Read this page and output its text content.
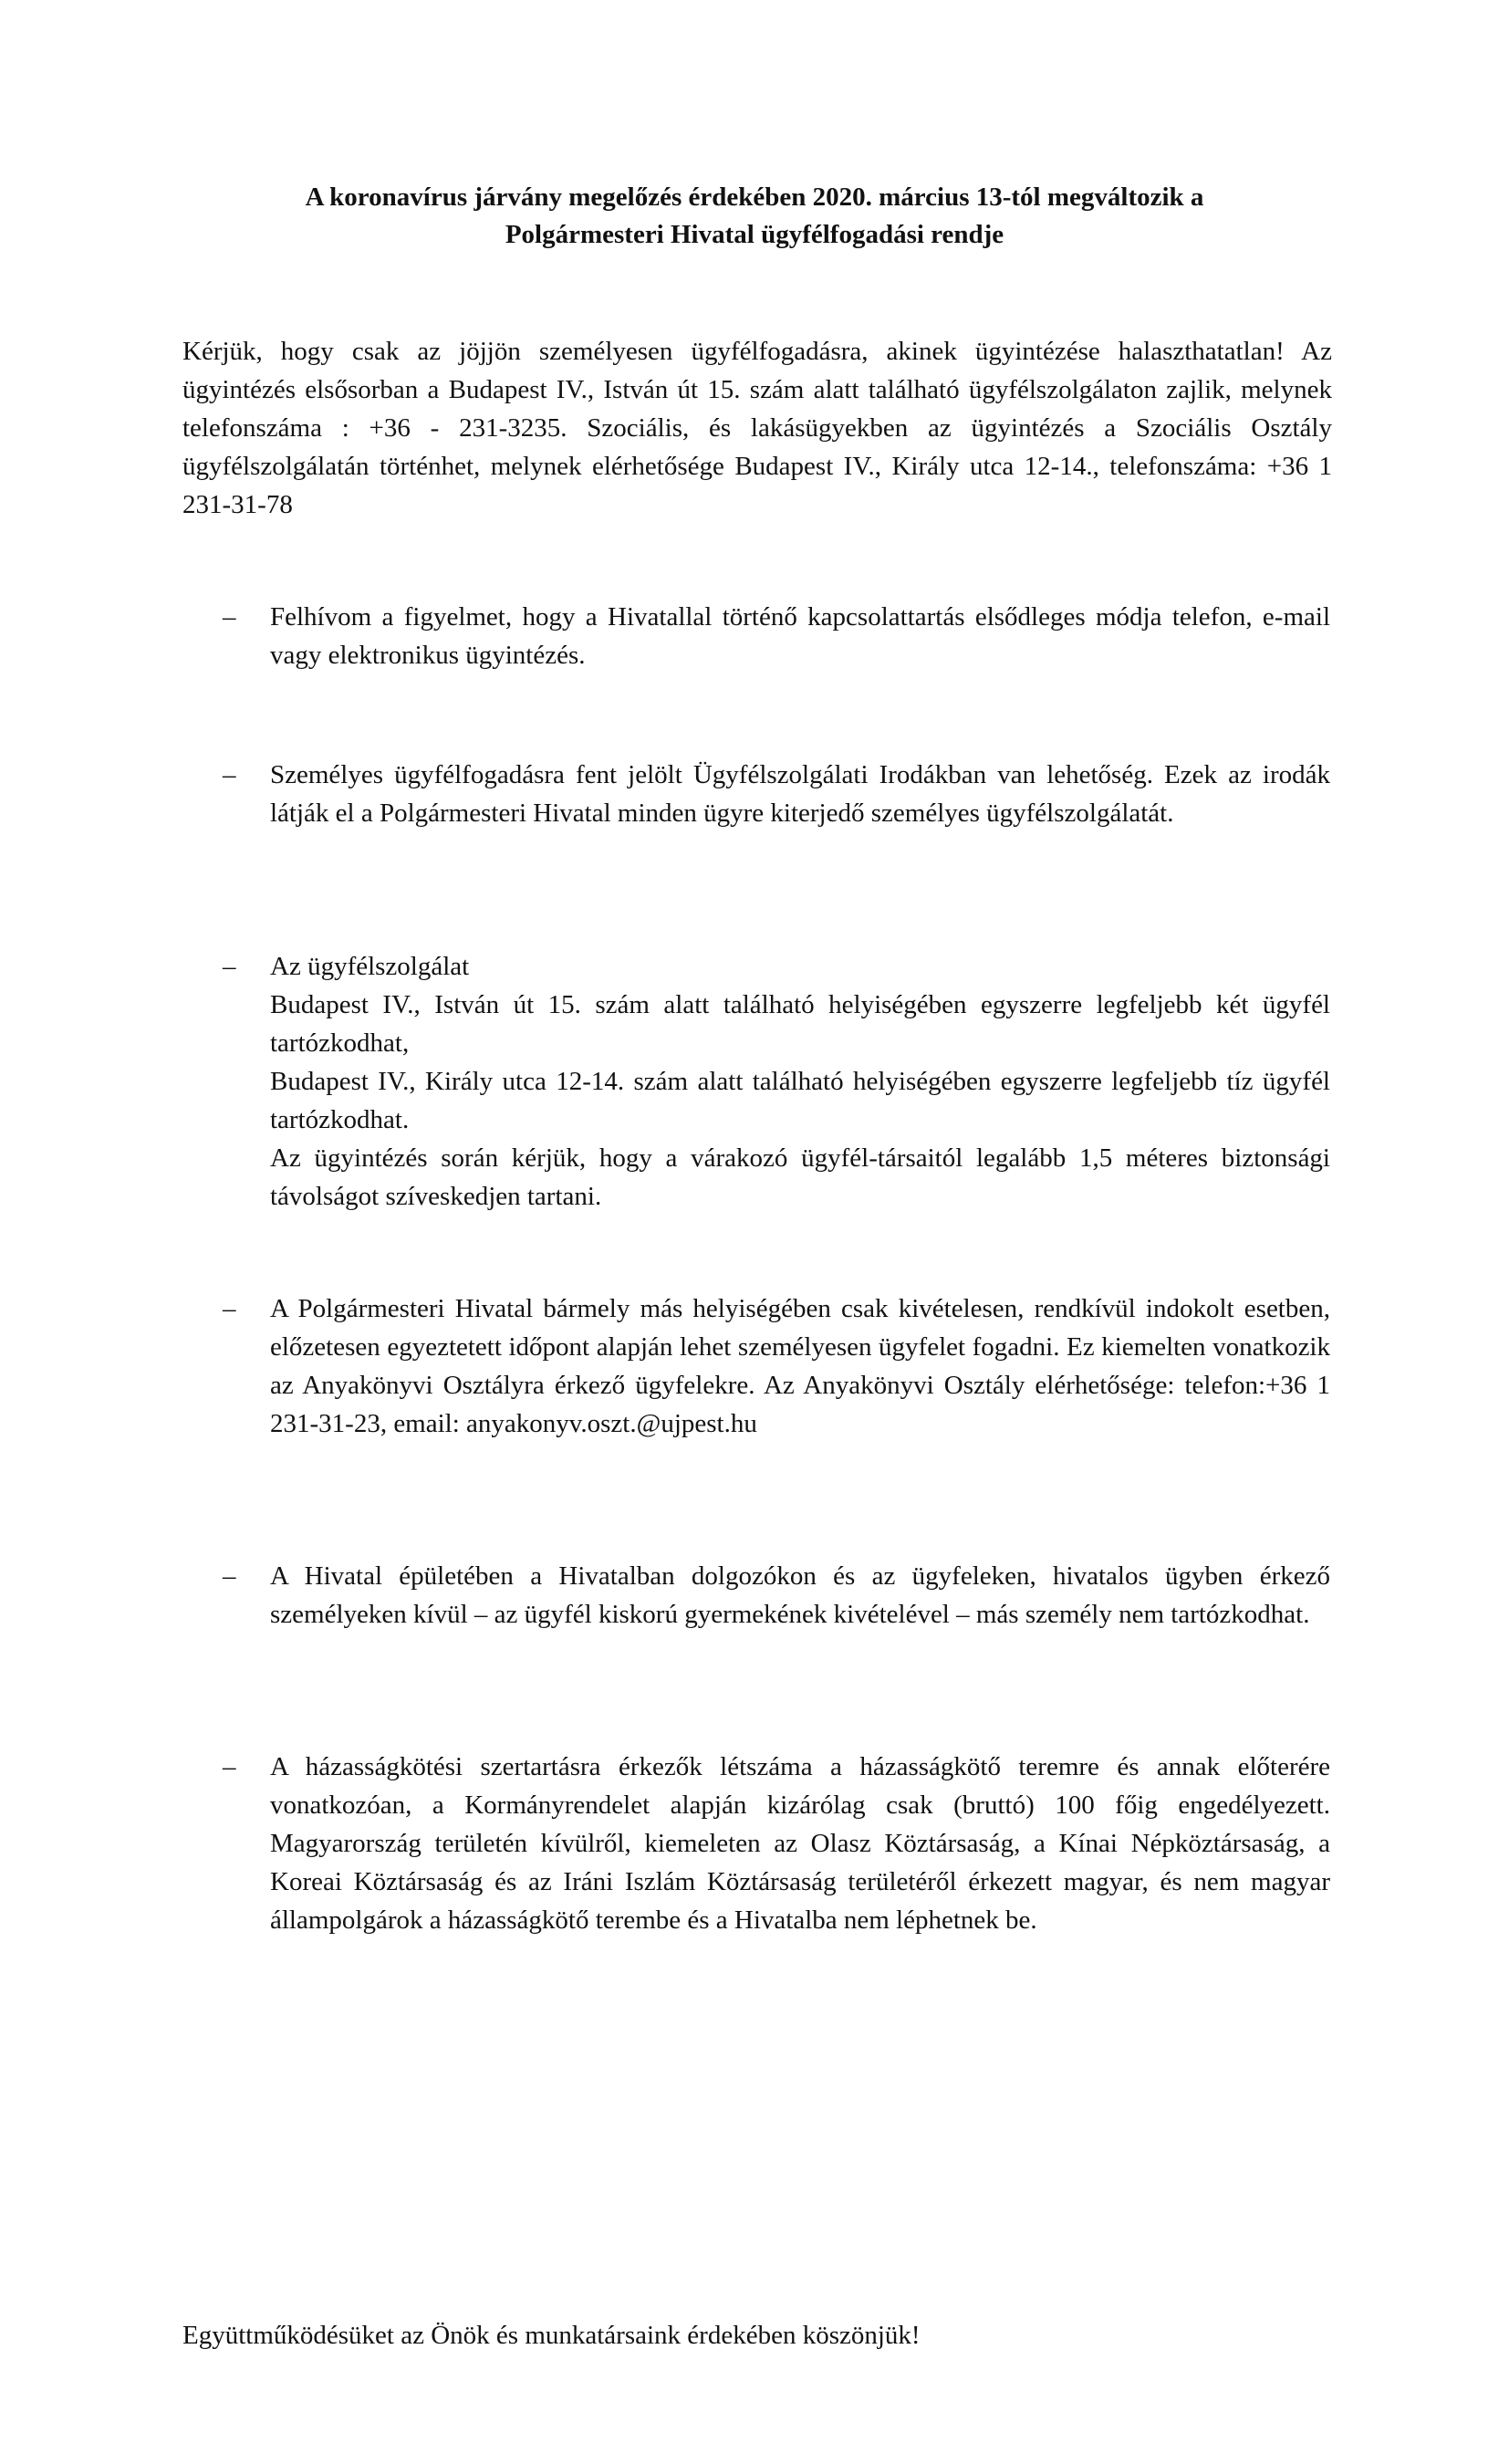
A koronavírus járvány megelőzés érdekében 2020. március 13-tól megváltozik a
Polgármesteri Hivatal ügyfélfogadási rendje
Kérjük, hogy csak az jöjjön személyesen ügyfélfogadásra, akinek ügyintézése halaszthatatlan! Az ügyintézés elsősorban a Budapest IV., István út 15. szám alatt található ügyfélszolgálaton zajlik, melynek telefonszáma : +36 - 231-3235. Szociális, és lakásügyekben az ügyintézés a Szociális Osztály ügyfélszolgálatán történhet, melynek elérhetősége Budapest IV., Király utca 12-14., telefonszáma: +36 1 231-31-78
–	Felhívom a figyelmet, hogy a Hivatallal történő kapcsolattartás elsődleges módja telefon, e-mail vagy elektronikus ügyintézés.
–	Személyes ügyfélfogadásra fent jelölt Ügyfélszolgálati Irodákban van lehetőség. Ezek az irodák látják el a Polgármesteri Hivatal minden ügyre kiterjedő személyes ügyfélszolgálatát.
–	Az ügyfélszolgálat

Budapest IV., István út 15. szám alatt található helyiségében egyszerre legfeljebb két ügyfél tartózkodhat,

Budapest IV., Király utca 12-14. szám alatt található helyiségében egyszerre legfeljebb tíz ügyfél tartózkodhat.

Az ügyintézés során kérjük, hogy a várakozó ügyfél-társaitól legalább 1,5 méteres biztonsági távolságot szíveskedjen tartani.

–	A Polgármesteri Hivatal bármely más helyiségében csak kivételesen, rendkívül indokolt esetben, előzetesen egyeztetett időpont alapján lehet személyesen ügyfelet fogadni. Ez kiemelten vonatkozik az Anyakönyvi Osztályra érkező ügyfelekre. Az Anyakönyvi Osztály elérhetősége: telefon:+36 1 231-31-23, email: anyakonyv.oszt.@ujpest.hu
–	A Hivatal épületében a Hivatalban dolgozókon és az ügyfeleken, hivatalos ügyben érkező személyeken kívül – az ügyfél kiskorú gyermekének kivételével – más személy nem tartózkodhat.
–	A házasságkötési szertartásra érkezők létszáma a házasságkötő teremre és annak előterére vonatkozóan, a Kormányrendelet alapján kizárólag csak (bruttó) 100 főig engedélyezett. Magyarország területén kívülről, kiemeleten az Olasz Köztársaság, a Kínai Népköztársaság, a Koreai Köztársaság és az Iráni Iszlám Köztársaság területéről érkezett magyar, és nem magyar állampolgárok a házasságkötő terembe és a Hivatalba nem léphetnek be.
Együttműködésüket az Önök és munkatársaink érdekében köszönjük!
